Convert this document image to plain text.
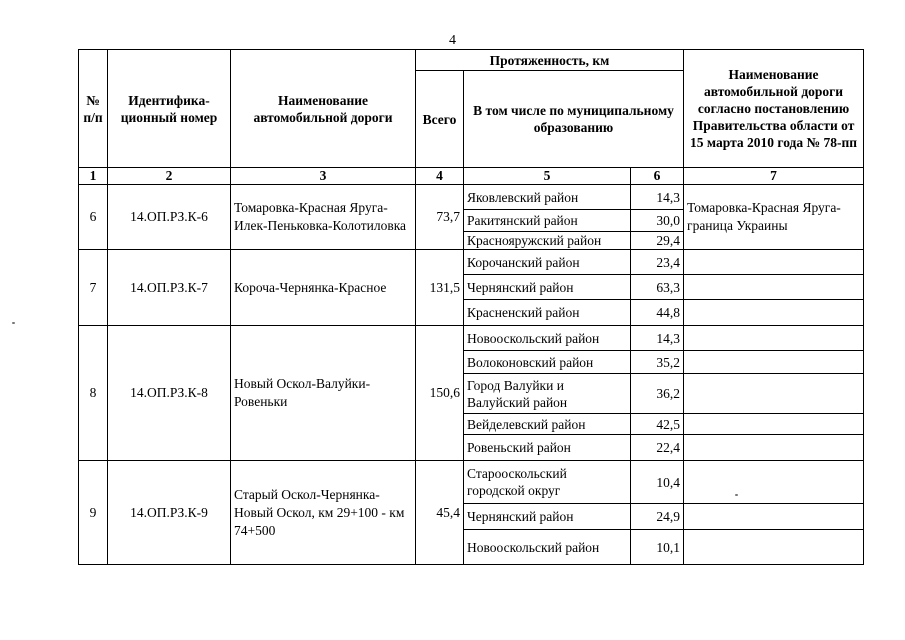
4
№ п/п	Идентифика-ционный номер	Наименование автомобильной дороги	Протяженность, км			Наименование автомобильной дороги согласно постановлению Правительства области от 15 марта 2010 года № 78-пп
			Всего	В том числе по муниципальному образованию		
1	2	3	4	5	6	7
6	14.ОП.РЗ.К-6	Томаровка-Красная Яруга-Илек-Пеньковка-Колотиловка	73,7	Яковлевский район	14,3	Томаровка-Красная Яруга-граница Украины
				Ракитянский район	30,0	
				Краснояружский район	29,4	
7	14.ОП.РЗ.К-7	Короча-Чернянка-Красное	131,5	Корочанский район	23,4	
				Чернянский район	63,3	
				Красненский район	44,8	
8	14.ОП.РЗ.К-8	Новый Оскол-Валуйки-Ровеньки	150,6	Новооскольский район	14,3	
				Волоконовский район	35,2	
				Город Валуйки и Валуйский район	36,2	
				Вейделевский район	42,5	
				Ровеньский район	22,4	
9	14.ОП.РЗ.К-9	Старый Оскол-Чернянка-Новый Оскол, км 29+100 - км 74+500	45,4	Старооскольский городской округ	10,4	
				Чернянский район	24,9	
				Новооскольский район	10,1	
